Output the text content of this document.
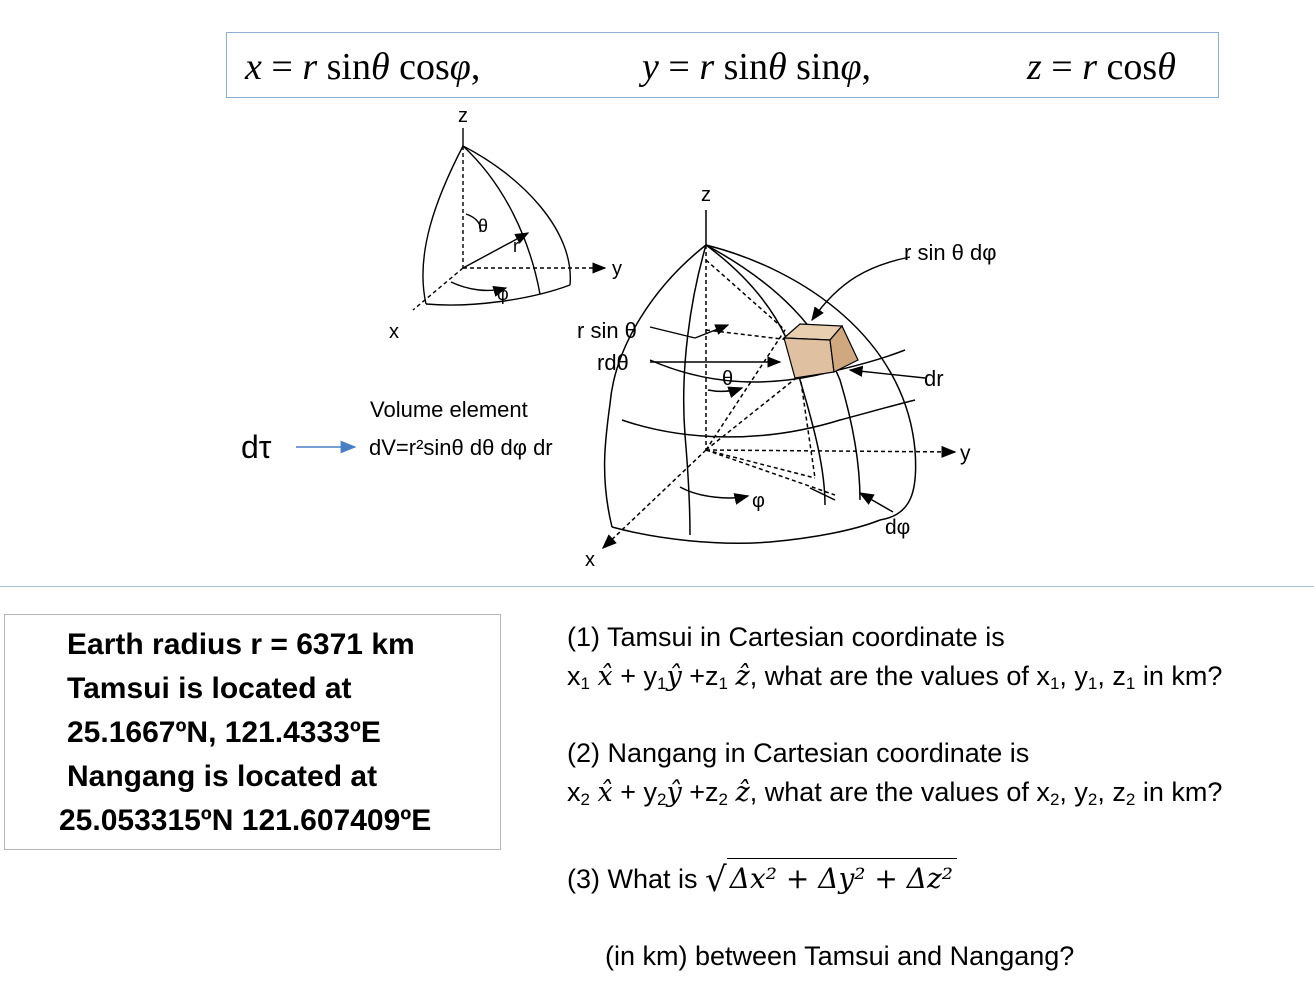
x = r sinθ cosφ,	y = r sinθ sinφ,	z = r cosθ
z
y
x
θ
r
φ
z
y
x
r sin θ dφ
r sin θ
rdθ
θ	dr
φ
dφ
Volume element
dV=r²sinθ dθ dφ dr
dτ
Earth radius r = 6371 km
Tamsui is located at
25.1667ºN, 121.4333ºE
Nangang is located at
25.053315ºN 121.607409ºE
(1) Tamsui in Cartesian coordinate is
$x_1$ x̂ + $y_1ŷ +z_1$ ẑ, what are the values of $x_1$, $y_1$, $z_1$ in km?
(2) Nangang in Cartesian coordinate is
$x_2$ x̂ + $y_2ŷ +z_2$ ẑ, what are the values of $x_2$, $y_2$, $z_2$ in km?
(3) What is √ Δx² + Δy² + Δz²
(in km) between Tamsui and Nangang?
